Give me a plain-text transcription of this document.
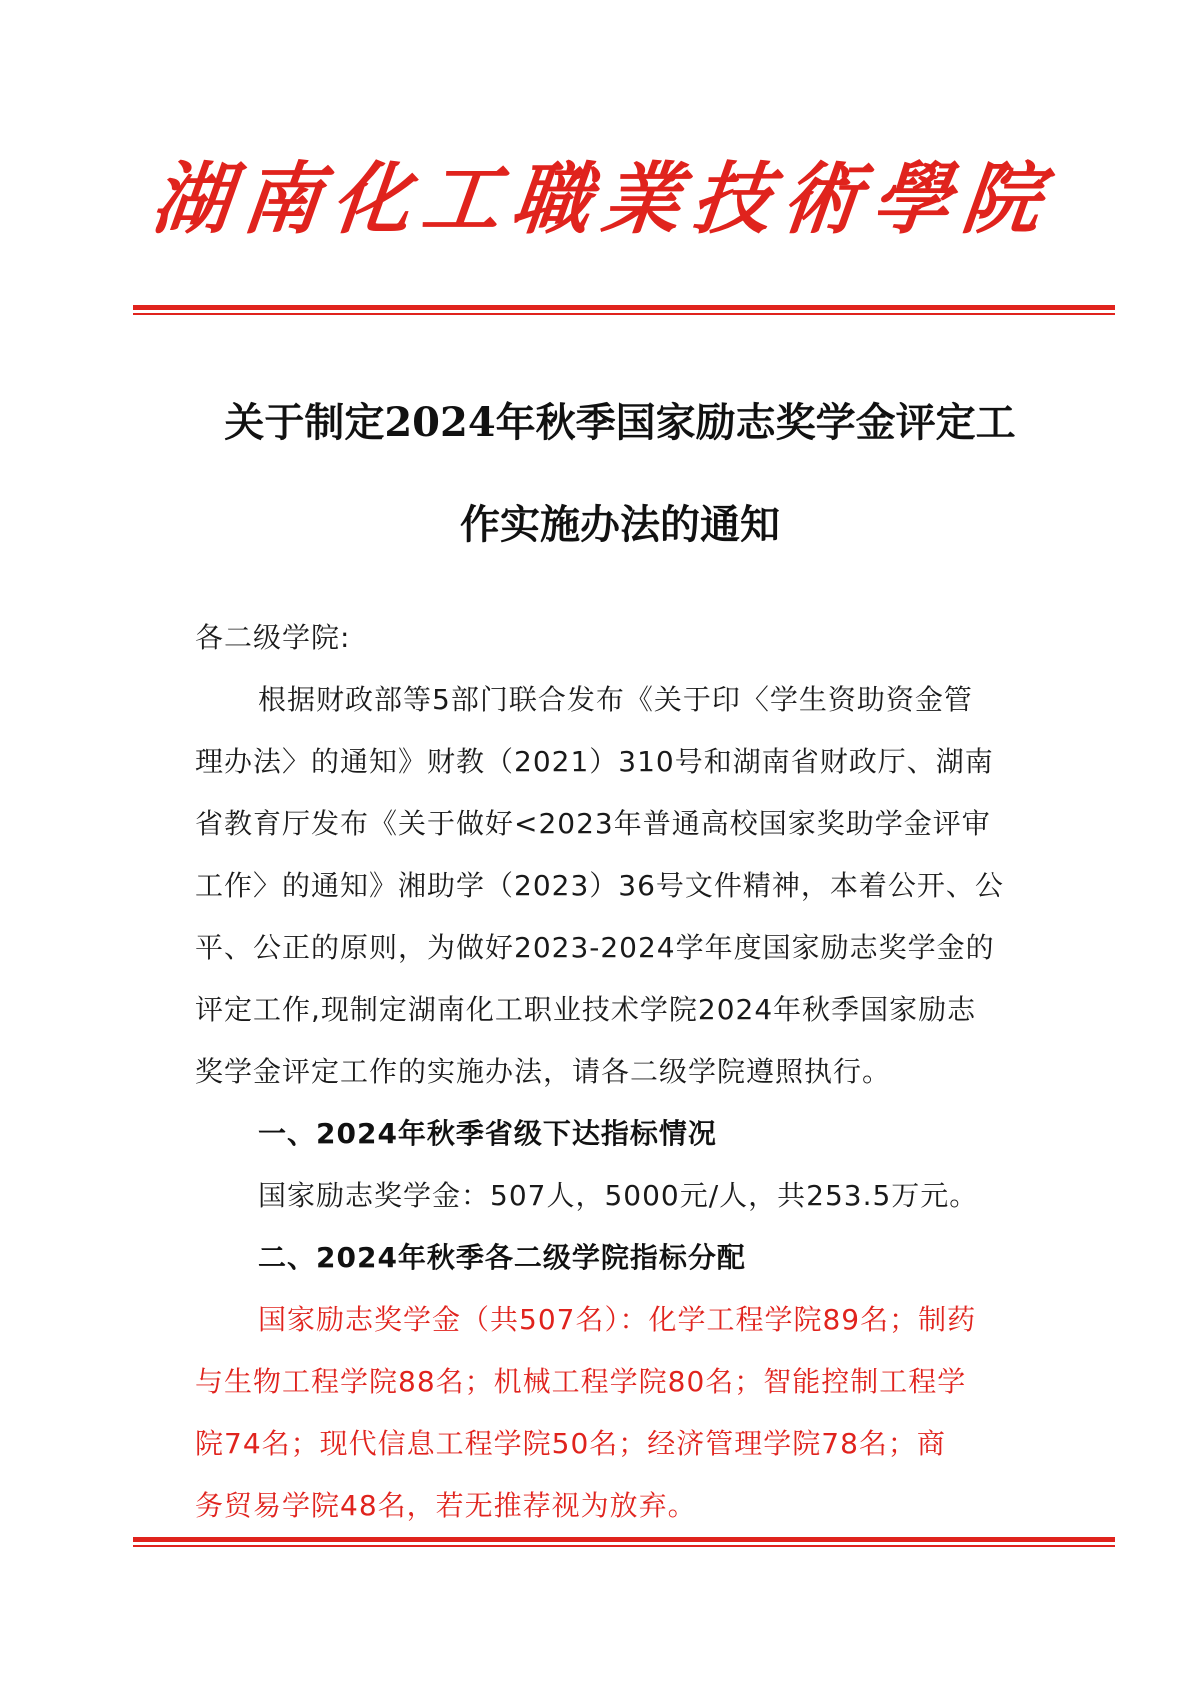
湖南化工職業技術學院
关于制定2024年秋季国家励志奖学金评定工
作实施办法的通知

各二级学院:

根据财政部等5部门联合发布《关于印〈学生资助资金管

理办法〉的通知》财教（2021）310号和湖南省财政厅、湖南

省教育厅发布《关于做好<2023年普通高校国家奖助学金评审

工作〉的通知》湘助学（2023）36号文件精神，本着公开、公

平、公正的原则，为做好2023-2024学年度国家励志奖学金的

评定工作,现制定湖南化工职业技术学院2024年秋季国家励志

奖学金评定工作的实施办法，请各二级学院遵照执行。

一、2024年秋季省级下达指标情况

国家励志奖学金：507人，5000元/人，共253.5万元。

二、2024年秋季各二级学院指标分配

国家励志奖学金（共507名）：化学工程学院89名；制药

与生物工程学院88名；机械工程学院80名；智能控制工程学

院74名；现代信息工程学院50名；经济管理学院78名；商

务贸易学院48名，若无推荐视为放弃。
